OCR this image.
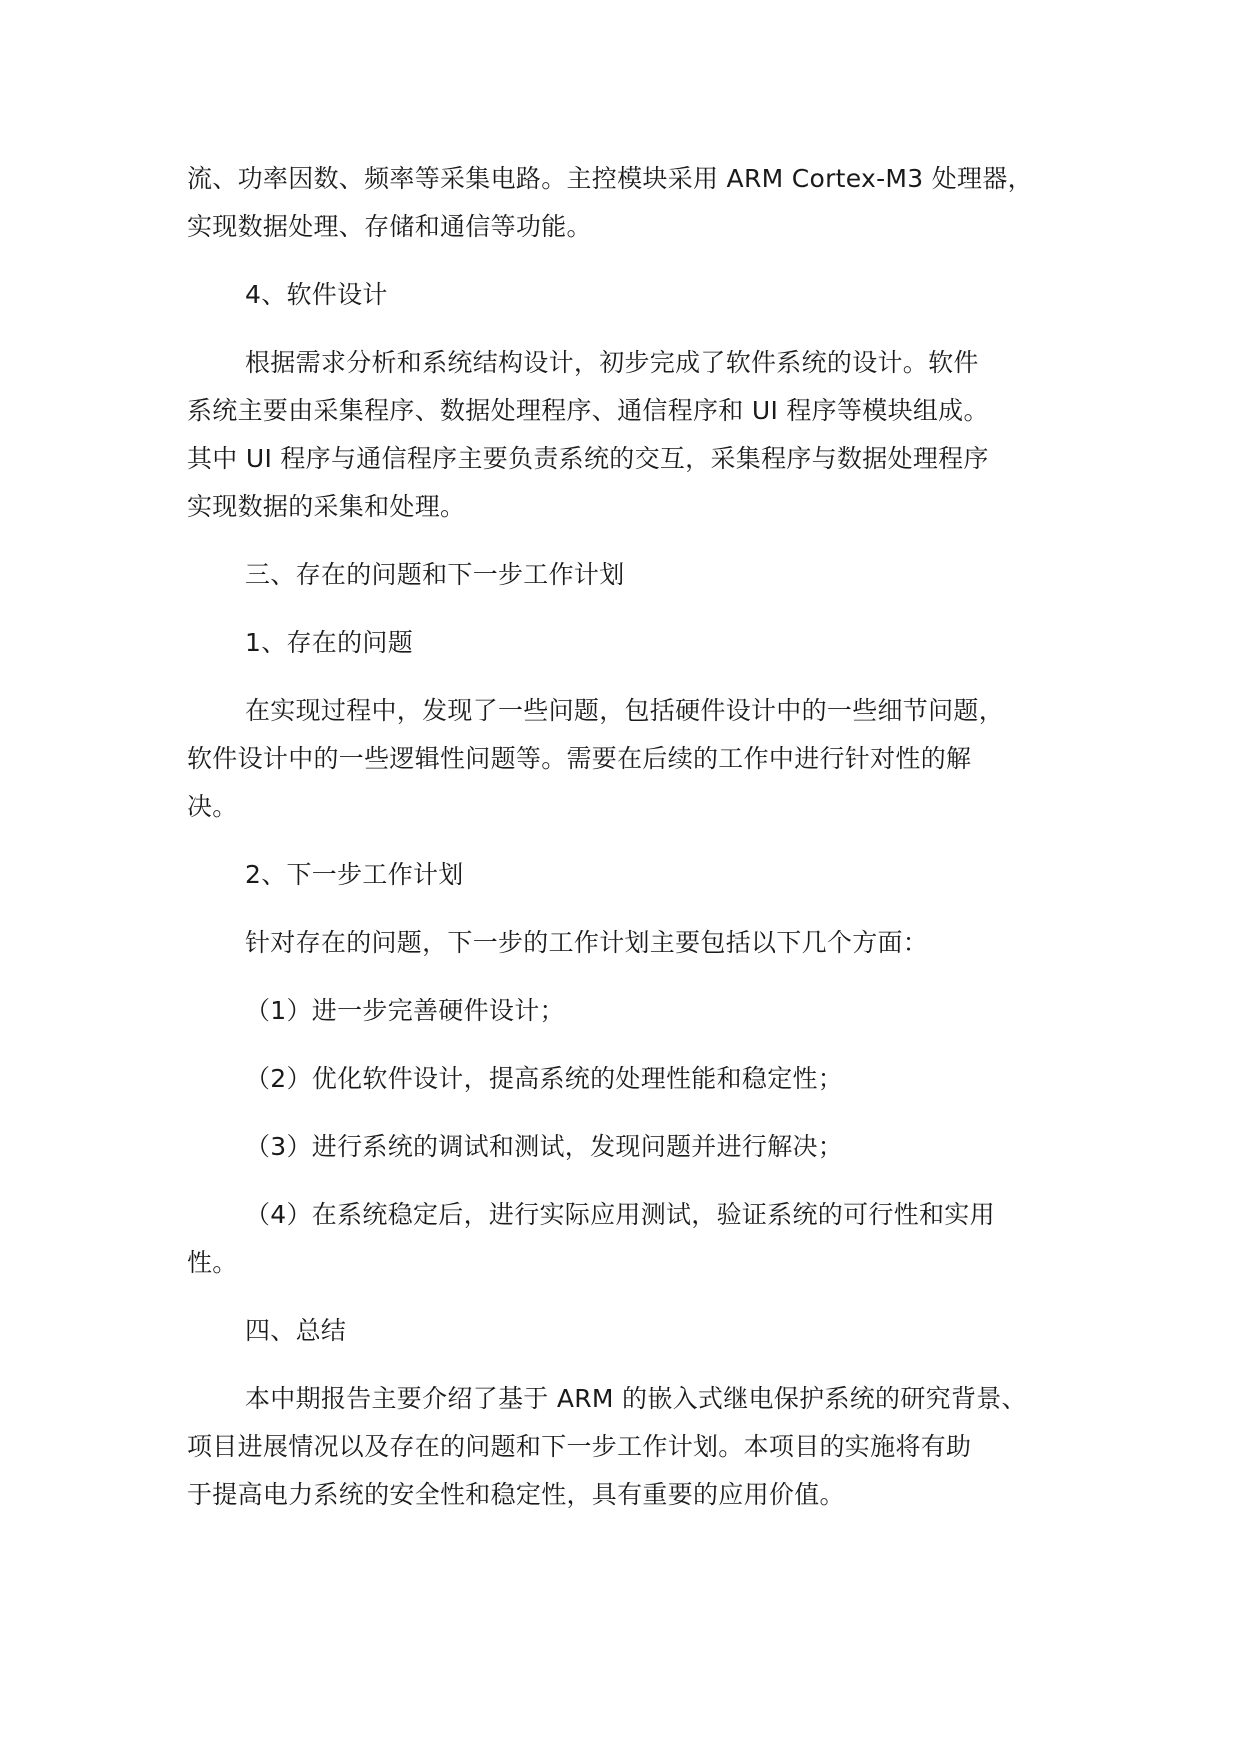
流、功率因数、频率等采集电路。主控模块采用 ARM Cortex-M3 处理器，
实现数据处理、存储和通信等功能。

4、软件设计

根据需求分析和系统结构设计，初步完成了软件系统的设计。软件
系统主要由采集程序、数据处理程序、通信程序和 UI 程序等模块组成。
其中 UI 程序与通信程序主要负责系统的交互，采集程序与数据处理程序
实现数据的采集和处理。

三、存在的问题和下一步工作计划

1、存在的问题

在实现过程中，发现了一些问题，包括硬件设计中的一些细节问题，
软件设计中的一些逻辑性问题等。需要在后续的工作中进行针对性的解
决。

2、下一步工作计划

针对存在的问题，下一步的工作计划主要包括以下几个方面：

（1）进一步完善硬件设计；

（2）优化软件设计，提高系统的处理性能和稳定性；

（3）进行系统的调试和测试，发现问题并进行解决；

（4）在系统稳定后，进行实际应用测试，验证系统的可行性和实用
性。

四、总结

本中期报告主要介绍了基于 ARM 的嵌入式继电保护系统的研究背景、
项目进展情况以及存在的问题和下一步工作计划。本项目的实施将有助
于提高电力系统的安全性和稳定性，具有重要的应用价值。
